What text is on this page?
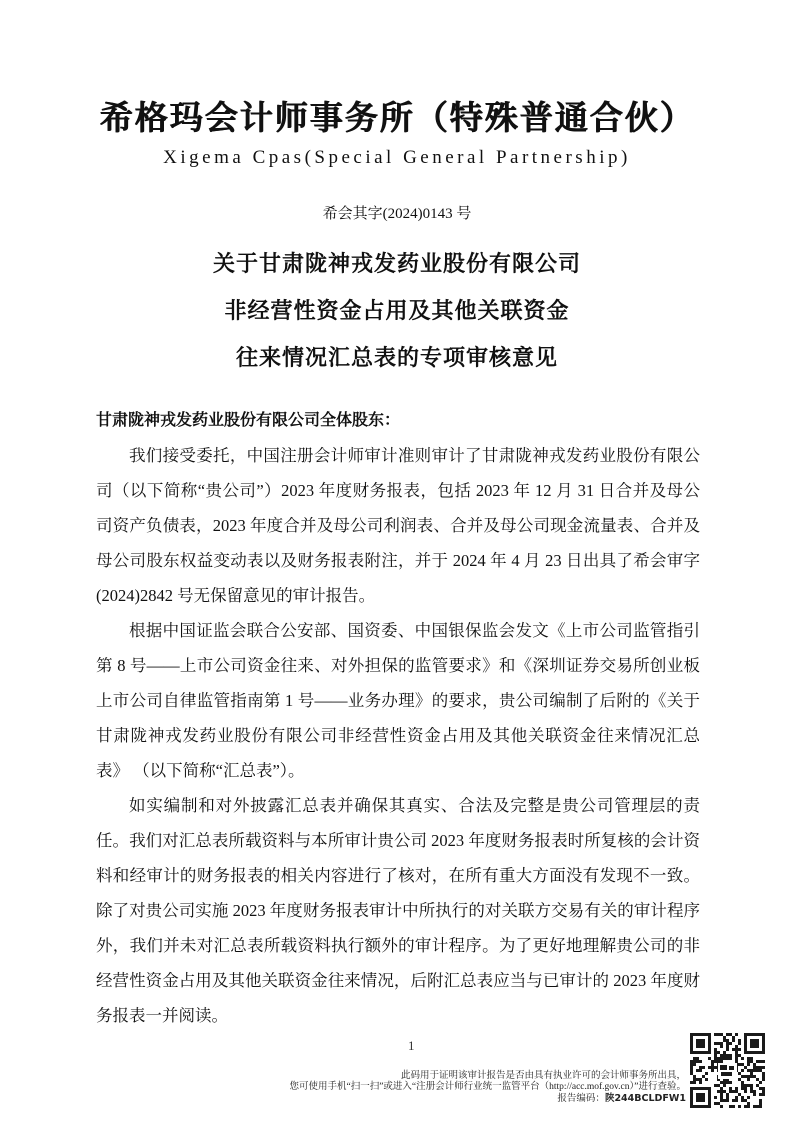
希格玛会计师事务所（特殊普通合伙）
Xigema Cpas(Special General Partnership)
希会其字(2024)0143 号
关于甘肃陇神戎发药业股份有限公司
非经营性资金占用及其他关联资金
往来情况汇总表的专项审核意见
甘肃陇神戎发药业股份有限公司全体股东：

我们接受委托，中国注册会计师审计准则审计了甘肃陇神戎发药业股份有限公司（以下简称“贵公司”）2023 年度财务报表，包括 2023 年 12 月 31 日合并及母公司资产负债表，2023 年度合并及母公司利润表、合并及母公司现金流量表、合并及母公司股东权益变动表以及财务报表附注，并于 2024 年 4 月 23 日出具了希会审字(2024)2842 号无保留意见的审计报告。

根据中国证监会联合公安部、国资委、中国银保监会发文《上市公司监管指引第 8 号——上市公司资金往来、对外担保的监管要求》和《深圳证券交易所创业板上市公司自律监管指南第 1 号——业务办理》的要求，贵公司编制了后附的《关于甘肃陇神戎发药业股份有限公司非经营性资金占用及其他关联资金往来情况汇总表》 （以下简称“汇总表”）。

如实编制和对外披露汇总表并确保其真实、合法及完整是贵公司管理层的责任。我们对汇总表所载资料与本所审计贵公司 2023 年度财务报表时所复核的会计资料和经审计的财务报表的相关内容进行了核对，在所有重大方面没有发现不一致。除了对贵公司实施 2023 年度财务报表审计中所执行的对关联方交易有关的审计程序外，我们并未对汇总表所载资料执行额外的审计程序。为了更好地理解贵公司的非经营性资金占用及其他关联资金往来情况，后附汇总表应当与已审计的 2023 年度财务报表一并阅读。

1
此码用于证明该审计报告是否由具有执业许可的会计师事务所出具，
您可使用手机“扫一扫”或进入“注册会计师行业统一监管平台（http://acc.mof.gov.cn）”进行查验。
报告编码：陕244BCLDFW1
